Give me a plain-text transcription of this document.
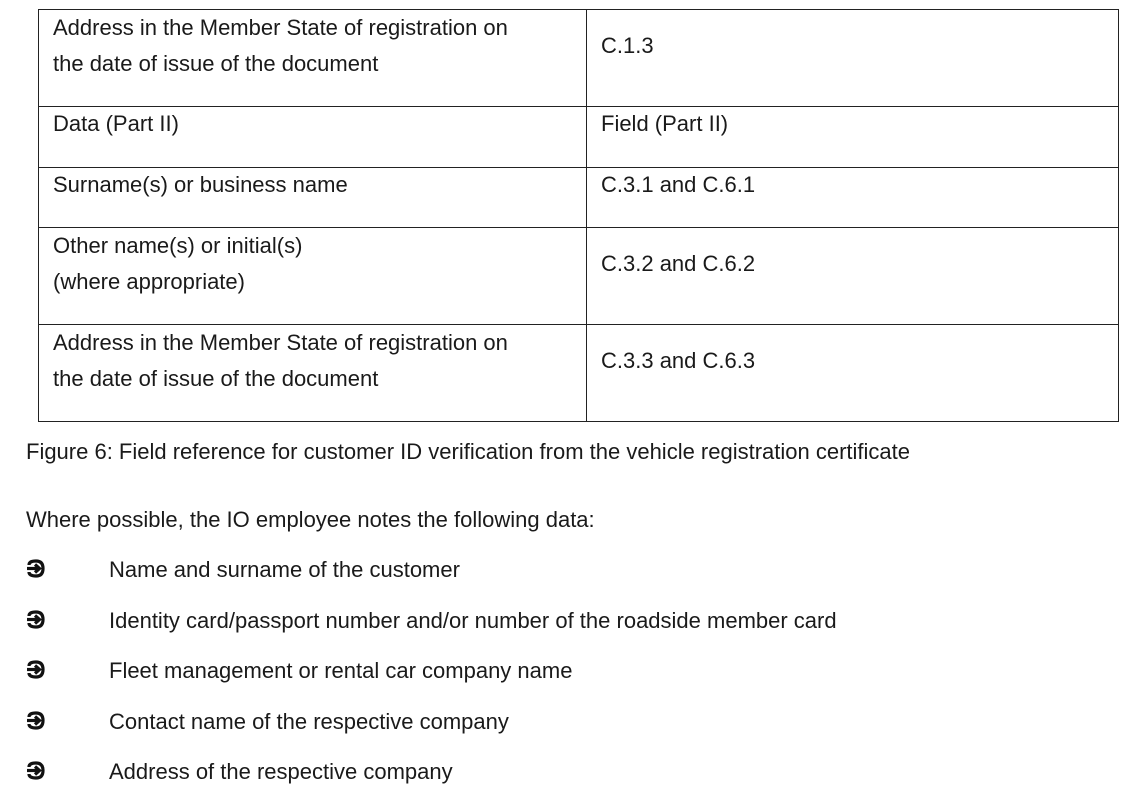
Address in the Member State of registration on
the date of issue of the document	C.1.3

Data (Part II)	Field (Part II)

Surname(s) or business name	C.3.1 and C.6.1

Other name(s) or initial(s)
(where appropriate)	C.3.2 and C.6.2

Address in the Member State of registration on
the date of issue of the document	C.3.3 and C.6.3
Figure 6: Field reference for customer ID verification from the vehicle registration certificate
Where possible, the IO employee notes the following data:
Name and surname of the customer
Identity card/passport number and/or number of the roadside member card
Fleet management or rental car company name
Contact name of the respective company
Address of the respective company
